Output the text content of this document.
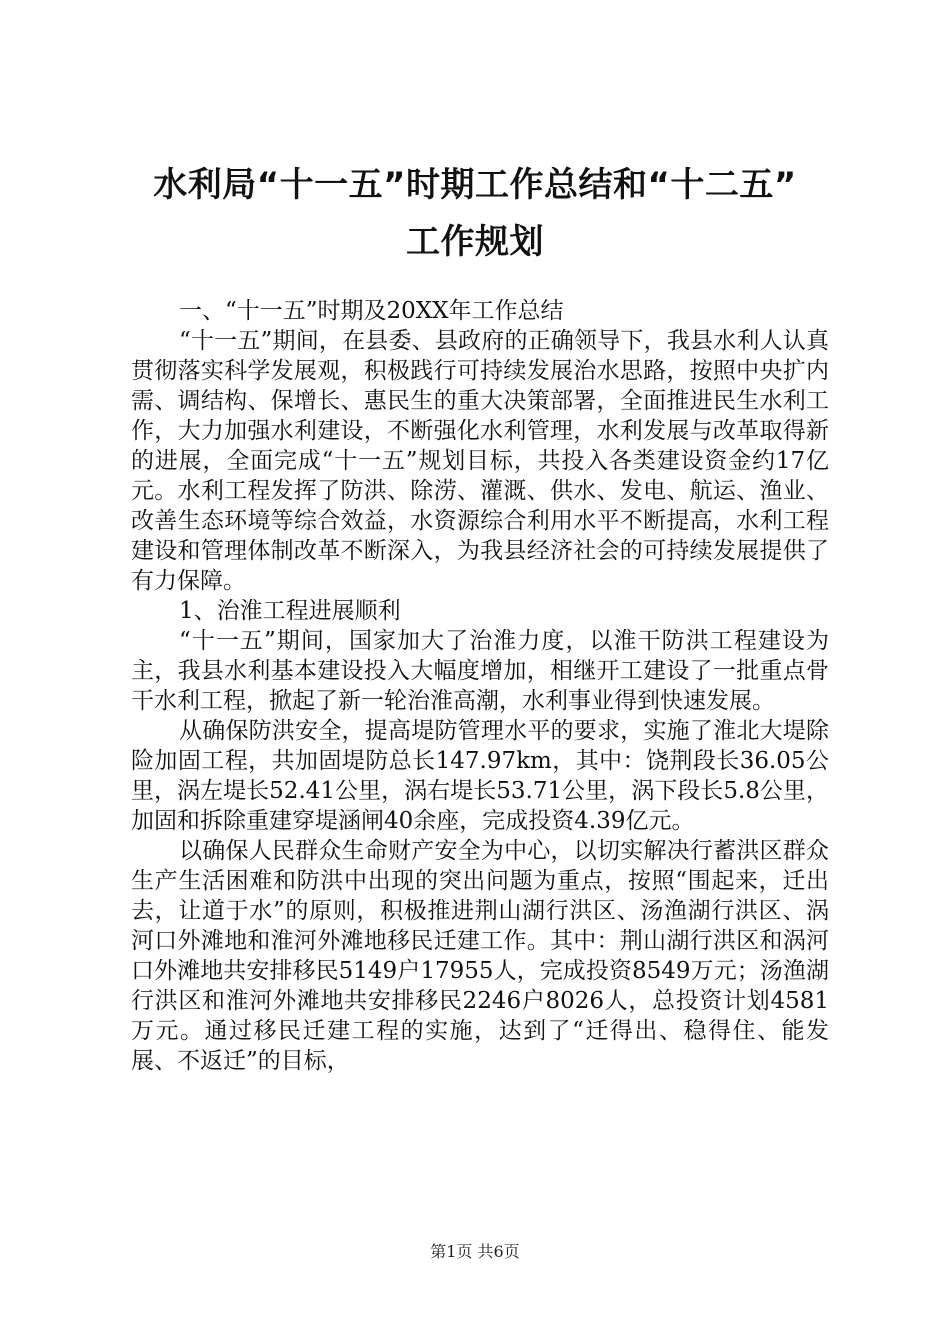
水利局“十一五”时期工作总结和“十二五”
工作规划

一、“十一五”时期及20XX年工作总结

“十一五”期间，在县委、县政府的正确领导下，我县水利人认真贯彻落实科学发展观，积极践行可持续发展治水思路，按照中央扩内需、调结构、保增长、惠民生的重大决策部署，全面推进民生水利工作，大力加强水利建设，不断强化水利管理，水利发展与改革取得新的进展，全面完成“十一五”规划目标，共投入各类建设资金约17亿元。水利工程发挥了防洪、除涝、灌溉、供水、发电、航运、渔业、改善生态环境等综合效益，水资源综合利用水平不断提高，水利工程建设和管理体制改革不断深入，为我县经济社会的可持续发展提供了有力保障。

1、治淮工程进展顺利

“十一五”期间，国家加大了治淮力度，以淮干防洪工程建设为主，我县水利基本建设投入大幅度增加，相继开工建设了一批重点骨干水利工程，掀起了新一轮治淮高潮，水利事业得到快速发展。

从确保防洪安全，提高堤防管理水平的要求，实施了淮北大堤除险加固工程，共加固堤防总长147.97km，其中：饶荆段长36.05公里，涡左堤长52.41公里，涡右堤长53.71公里，涡下段长5.8公里，加固和拆除重建穿堤涵闸40余座，完成投资4.39亿元。

以确保人民群众生命财产安全为中心，以切实解决行蓄洪区群众生产生活困难和防洪中出现的突出问题为重点，按照“围起来，迁出去，让道于水”的原则，积极推进荆山湖行洪区、汤渔湖行洪区、涡河口外滩地和淮河外滩地移民迁建工作。其中：荆山湖行洪区和涡河口外滩地共安排移民5149户17955人，完成投资8549万元；汤渔湖行洪区和淮河外滩地共安排移民2246户8026人，总投资计划4581万元。通过移民迁建工程的实施，达到了“迁得出、稳得住、能发展、不返迁”的目标，

第1页 共6页
